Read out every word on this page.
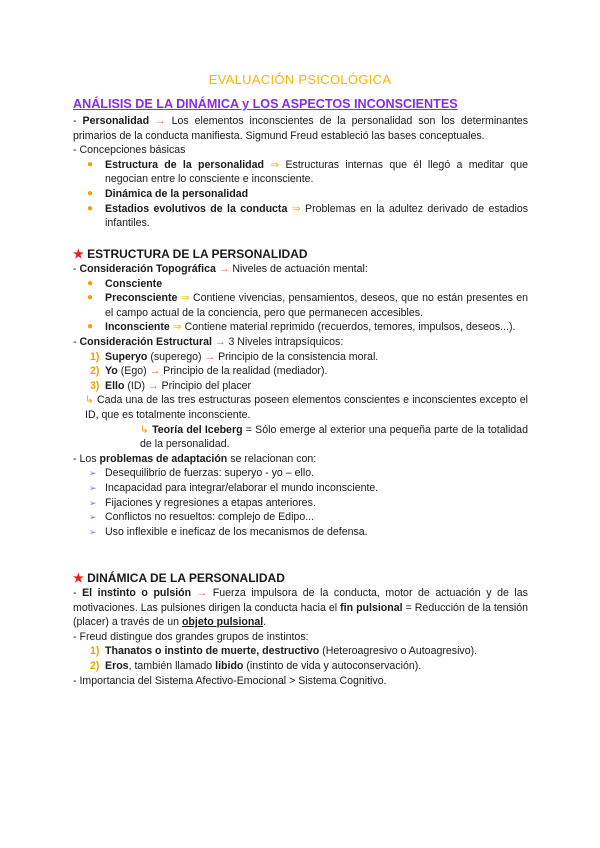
EVALUACIÓN PSICOLÓGICA
ANÁLISIS DE LA DINÁMICA y LOS ASPECTOS INCONSCIENTES

- Personalidad → Los elementos inconscientes de la personalidad son los determinantes primarios de la conducta manifiesta. Sigmund Freud estableció las bases conceptuales.

- Concepciones básicas

● Estructura de la personalidad ⇒ Estructuras internas que él llegó a meditar que negocian entre lo consciente e inconsciente.

● Dinámica de la personalidad

● Estadios evolutivos de la conducta ⇒ Problemas en la adultez derivado de estadios infantiles.

★ ESTRUCTURA DE LA PERSONALIDAD

- Consideración Topográfica → Niveles de actuación mental:

● Consciente

● Preconsciente ⇒ Contiene vivencias, pensamientos, deseos, que no están presentes en el campo actual de la conciencia, pero que permanecen accesibles.

● Inconsciente ⇒ Contiene material reprimido (recuerdos, temores, impulsos, deseos...).

- Consideración Estructural → 3 Niveles intrapsíquicos:

1) Superyo (superego) → Principio de la consistencia moral.

2) Yo (Ego) → Principio de la realidad (mediador).

3) Ello (ID) → Principio del placer

↳ Cada una de las tres estructuras poseen elementos conscientes e inconscientes excepto el ID, que es totalmente inconsciente.

↳ Teoría del Iceberg = Sólo emerge al exterior una pequeña parte de la totalidad de la personalidad.

- Los problemas de adaptación se relacionan con:

➢ Desequilibrio de fuerzas: superyo - yo – ello.

➢ Incapacidad para integrar/elaborar el mundo inconsciente.

➢ Fijaciones y regresiones a etapas anteriores.

➢ Conflictos no resueltos: complejo de Edipo...

➢ Uso inflexible e ineficaz de los mecanismos de defensa.

★ DINÁMICA DE LA PERSONALIDAD

- El instinto o pulsión → Fuerza impulsora de la conducta, motor de actuación y de las motivaciones. Las pulsiones dirigen la conducta hacia el fin pulsional = Reducción de la tensión (placer) a través de un objeto pulsional.

- Freud distingue dos grandes grupos de instintos:

1) Thanatos o instinto de muerte, destructivo (Heteroagresivo o Autoagresivo).

2) Eros, también llamado libido (instinto de vida y autoconservación).

- Importancia del Sistema Afectivo-Emocional > Sistema Cognitivo.
